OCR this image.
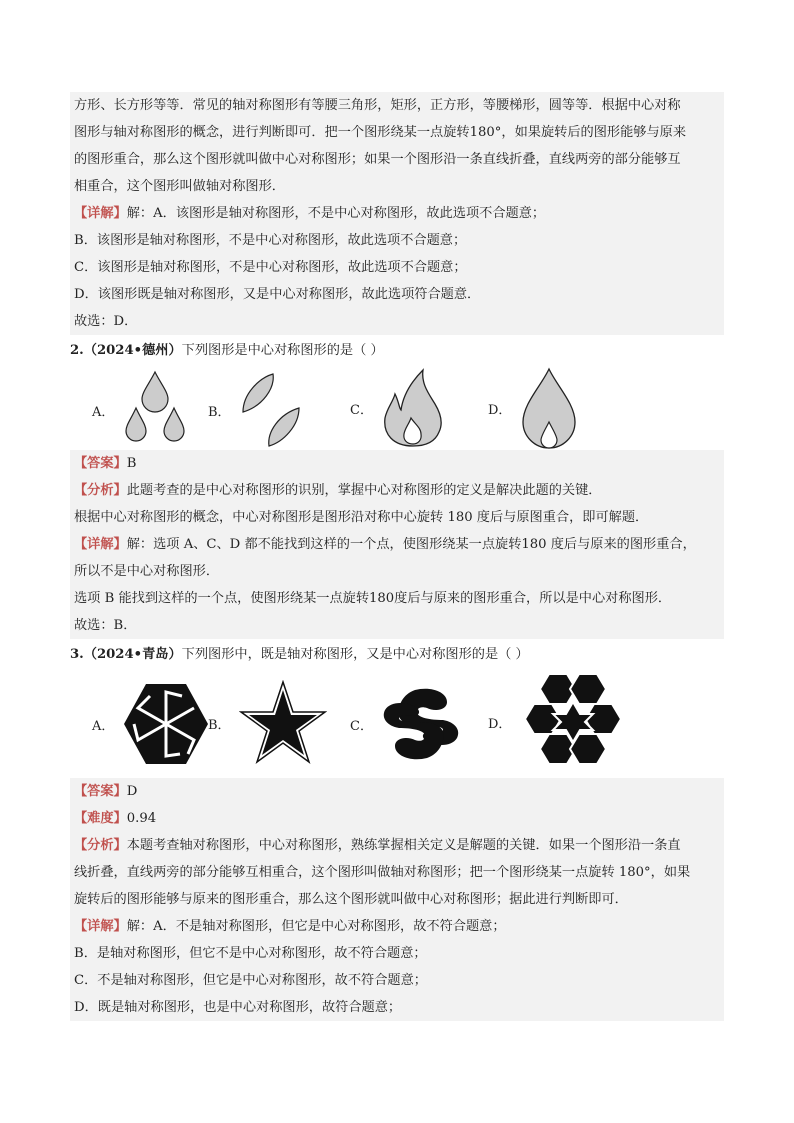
方形、长方形等等．常见的轴对称图形有等腰三角形，矩形，正方形，等腰梯形，圆等等．根据中心对称
图形与轴对称图形的概念，进行判断即可．把一个图形绕某一点旋转180°，如果旋转后的图形能够与原来
的图形重合，那么这个图形就叫做中心对称图形；如果一个图形沿一条直线折叠，直线两旁的部分能够互
相重合，这个图形叫做轴对称图形．
【详解】解：A．该图形是轴对称图形，不是中心对称图形，故此选项不合题意；
B．该图形是轴对称图形，不是中心对称图形，故此选项不合题意；
C．该图形是轴对称图形，不是中心对称图形，故此选项不合题意；
D．该图形既是轴对称图形，又是中心对称图形，故此选项符合题意．
故选：D．
2.（2024•德州）下列图形是中心对称图形的是（ ）
A．	B．	C．	D．
【答案】B
【分析】此题考查的是中心对称图形的识别，掌握中心对称图形的定义是解决此题的关键．
根据中心对称图形的概念，中心对称图形是图形沿对称中心旋转 180 度后与原图重合，即可解题．
【详解】解：选项 A、C、D 都不能找到这样的一个点，使图形绕某一点旋转180 度后与原来的图形重合，
所以不是中心对称图形．
选项 B 能找到这样的一个点，使图形绕某一点旋转180度后与原来的图形重合，所以是中心对称图形．
故选：B．
3.（2024•青岛）下列图形中，既是轴对称图形，又是中心对称图形的是（ ）
A．	B．	C．	D．
【答案】D
【难度】0.94
【分析】本题考查轴对称图形，中心对称图形，熟练掌握相关定义是解题的关键．如果一个图形沿一条直
线折叠，直线两旁的部分能够互相重合，这个图形叫做轴对称图形；把一个图形绕某一点旋转 180°，如果
旋转后的图形能够与原来的图形重合，那么这个图形就叫做中心对称图形；据此进行判断即可．
【详解】解：A．不是轴对称图形，但它是中心对称图形，故不符合题意；
B．是轴对称图形，但它不是中心对称图形，故不符合题意；
C．不是轴对称图形，但它是中心对称图形，故不符合题意；
D．既是轴对称图形，也是中心对称图形，故符合题意；
